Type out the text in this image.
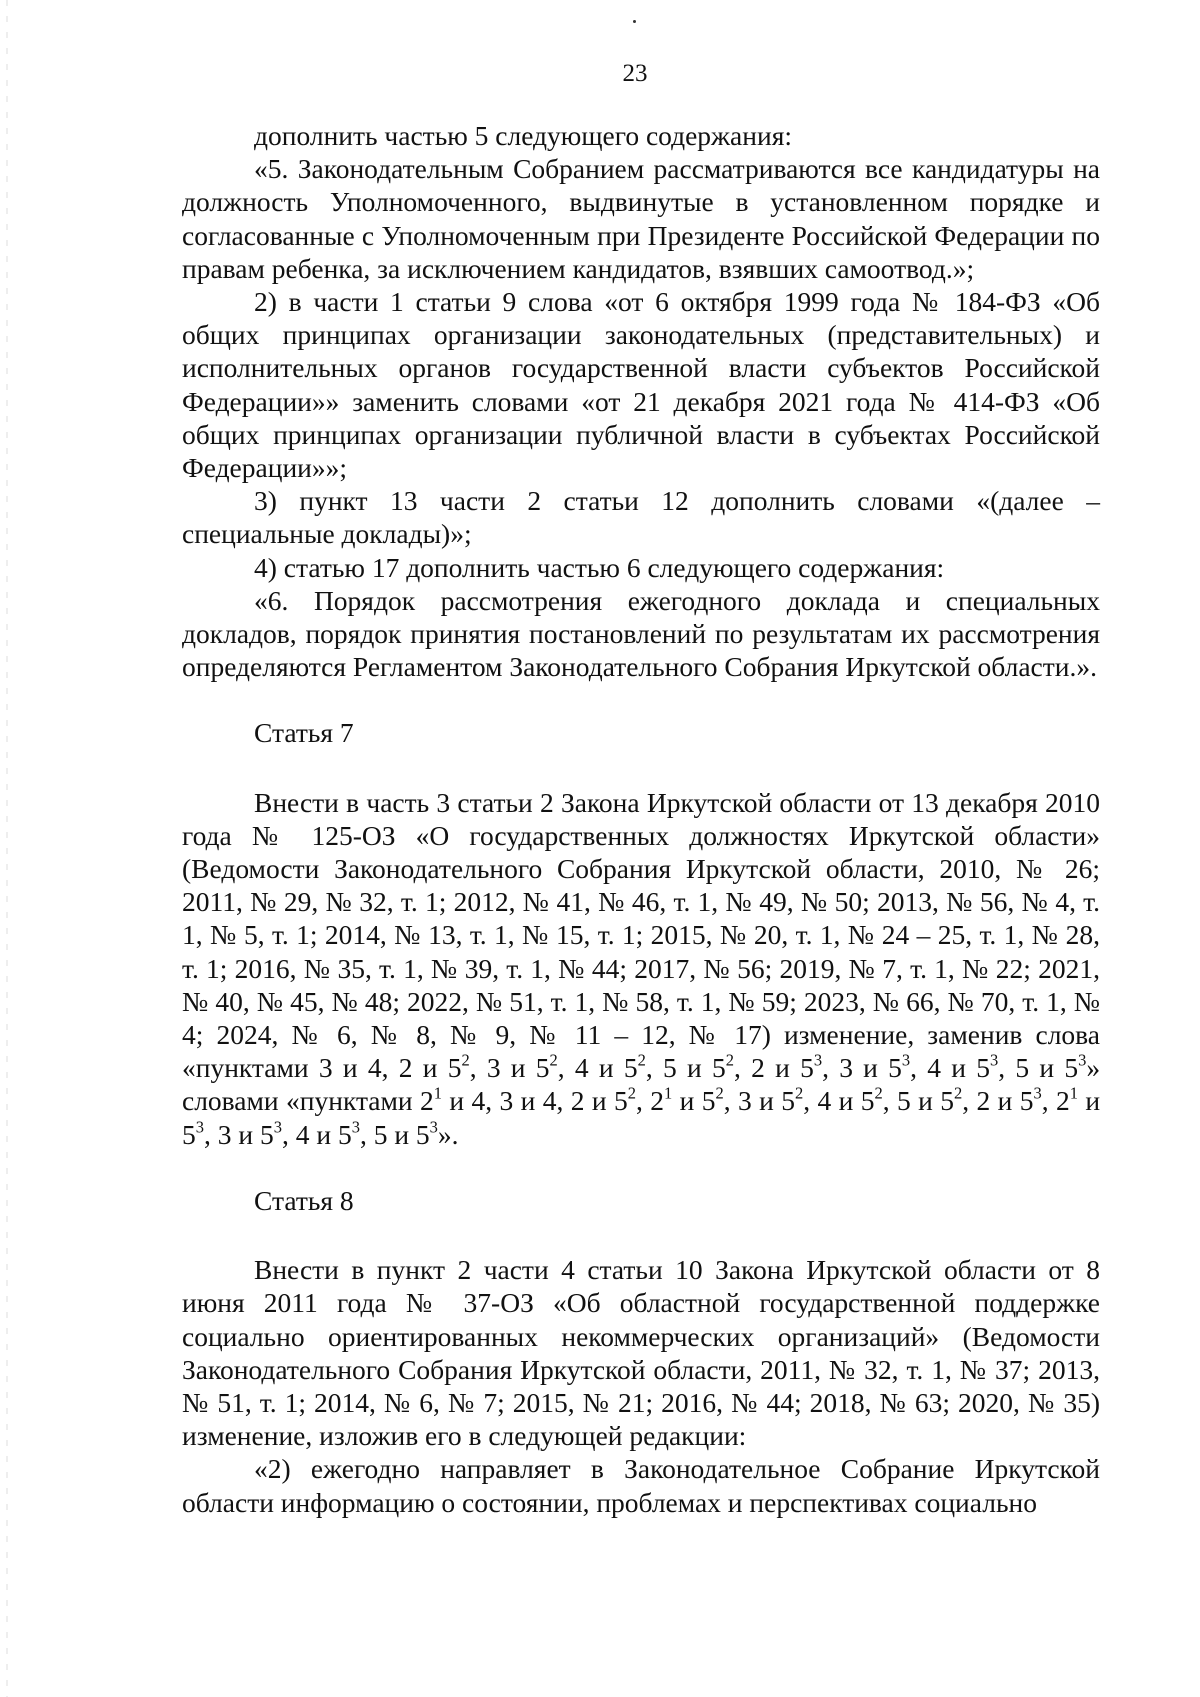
23

дополнить частью 5 следующего содержания:

«5. Законодательным Собранием рассматриваются все кандидатуры на должность Уполномоченного, выдвинутые в установленном порядке и согласованные с Уполномоченным при Президенте Российской Федерации по правам ребенка, за исключением кандидатов, взявших самоотвод.»;

2) в части 1 статьи 9 слова «от 6 октября 1999 года № 184-ФЗ «Об общих принципах организации законодательных (представительных) и исполнительных органов государственной власти субъектов Российской Федерации»» заменить словами «от 21 декабря 2021 года № 414-ФЗ «Об общих принципах организации публичной власти в субъектах Российской Федерации»»;

3) пункт 13 части 2 статьи 12 дополнить словами «(далее – специальные доклады)»;

4) статью 17 дополнить частью 6 следующего содержания:

«6. Порядок рассмотрения ежегодного доклада и специальных докладов, порядок принятия постановлений по результатам их рассмотрения определяются Регламентом Законодательного Собрания Иркутской области.».

Статья 7

Внести в часть 3 статьи 2 Закона Иркутской области от 13 декабря 2010 года № 125-ОЗ «О государственных должностях Иркутской области» (Ведомости Законодательного Собрания Иркутской области, 2010, № 26; 2011, № 29, № 32, т. 1; 2012, № 41, № 46, т. 1, № 49, № 50; 2013, № 56, № 4, т. 1, № 5, т. 1; 2014, № 13, т. 1, № 15, т. 1; 2015, № 20, т. 1, № 24 – 25, т. 1, № 28, т. 1; 2016, № 35, т. 1, № 39, т. 1, № 44; 2017, № 56; 2019, № 7, т. 1, № 22; 2021, № 40, № 45, № 48; 2022, № 51, т. 1, № 58, т. 1, № 59; 2023, № 66, № 70, т. 1, № 4; 2024, № 6, № 8, № 9, № 11 – 12, № 17) изменение, заменив слова «пунктами 3 и 4, 2 и $5^2$, 3 и $5^2$, 4 и $5^2$, 5 и $5^2$, 2 и $5^3$, 3 и $5^3$, 4 и $5^3$, 5 и $5^3$» словами «пунктами $2^1$ и 4, 3 и 4, 2 и $5^2$, $2^1$ и $5^2$, 3 и $5^2$, 4 и $5^2$, 5 и $5^2$, 2 и $5^3$, $2^1$ и $5^3$, 3 и $5^3$, 4 и $5^3$, 5 и $5^3$».

Статья 8

Внести в пункт 2 части 4 статьи 10 Закона Иркутской области от 8 июня 2011 года № 37-ОЗ «Об областной государственной поддержке социально ориентированных некоммерческих организаций» (Ведомости Законодательного Собрания Иркутской области, 2011, № 32, т. 1, № 37; 2013, № 51, т. 1; 2014, № 6, № 7; 2015, № 21; 2016, № 44; 2018, № 63; 2020, № 35) изменение, изложив его в следующей редакции:

«2) ежегодно направляет в Законодательное Собрание Иркутской области информацию о состоянии, проблемах и перспективах социально
